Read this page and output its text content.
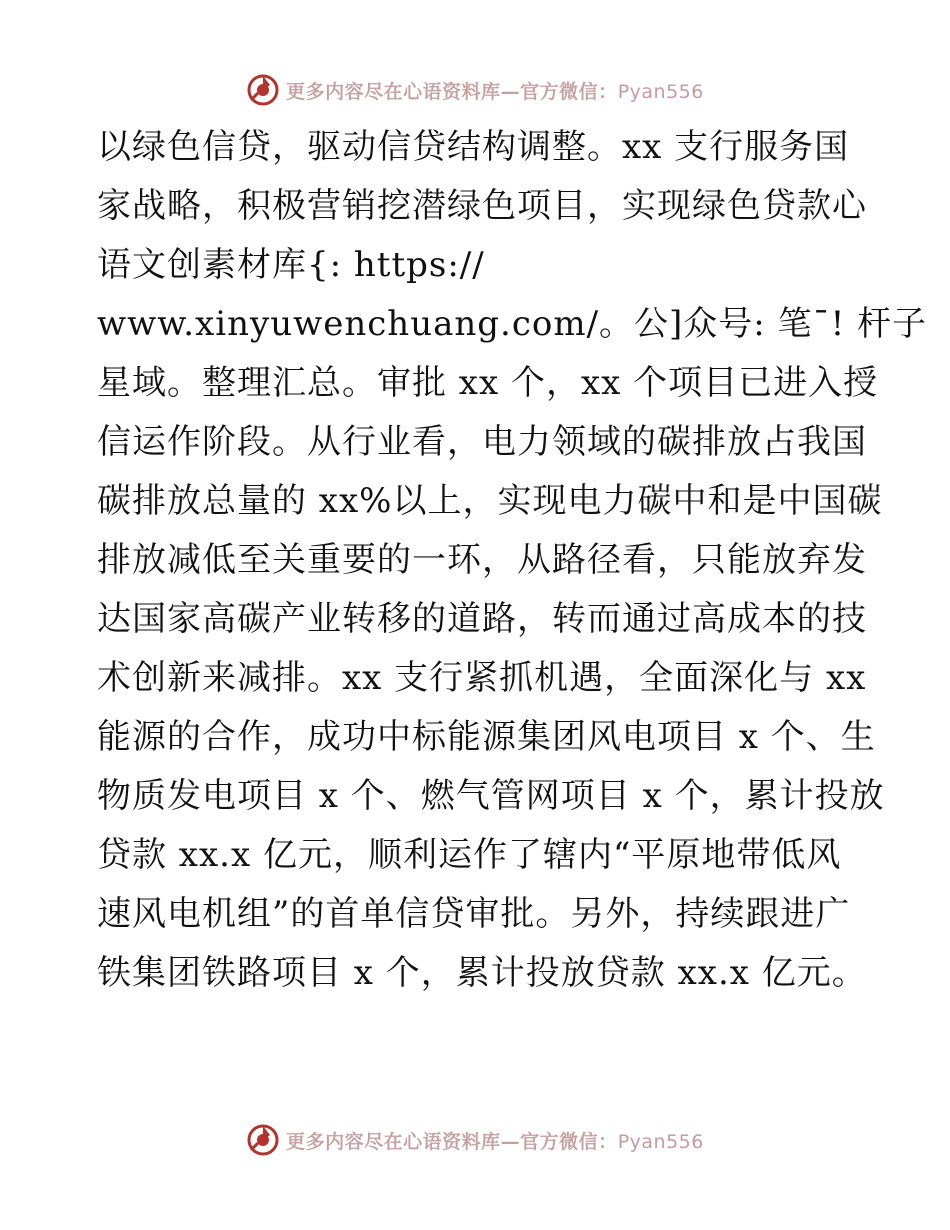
更多内容尽在心语资料库—官方微信：Pyan556
以绿色信贷，驱动信贷结构调整。xx 支行服务国
家战略，积极营销挖潜绿色项目，实现绿色贷款心
语文创素材库{: https://
www.xinyuwenchuang.com/。公]众号: 笔¯! 杆子
星域。整理汇总。审批 xx 个，xx 个项目已进入授
信运作阶段。从行业看，电力领域的碳排放占我国
碳排放总量的 xx%以上，实现电力碳中和是中国碳
排放减低至关重要的一环，从路径看，只能放弃发
达国家高碳产业转移的道路，转而通过高成本的技
术创新来减排。xx 支行紧抓机遇，全面深化与 xx
能源的合作，成功中标能源集团风电项目 x 个、生
物质发电项目 x 个、燃气管网项目 x 个，累计投放
贷款 xx.x 亿元，顺利运作了辖内“平原地带低风
速风电机组”的首单信贷审批。另外，持续跟进广
铁集团铁路项目 x 个，累计投放贷款 xx.x 亿元。
更多内容尽在心语资料库—官方微信：Pyan556
